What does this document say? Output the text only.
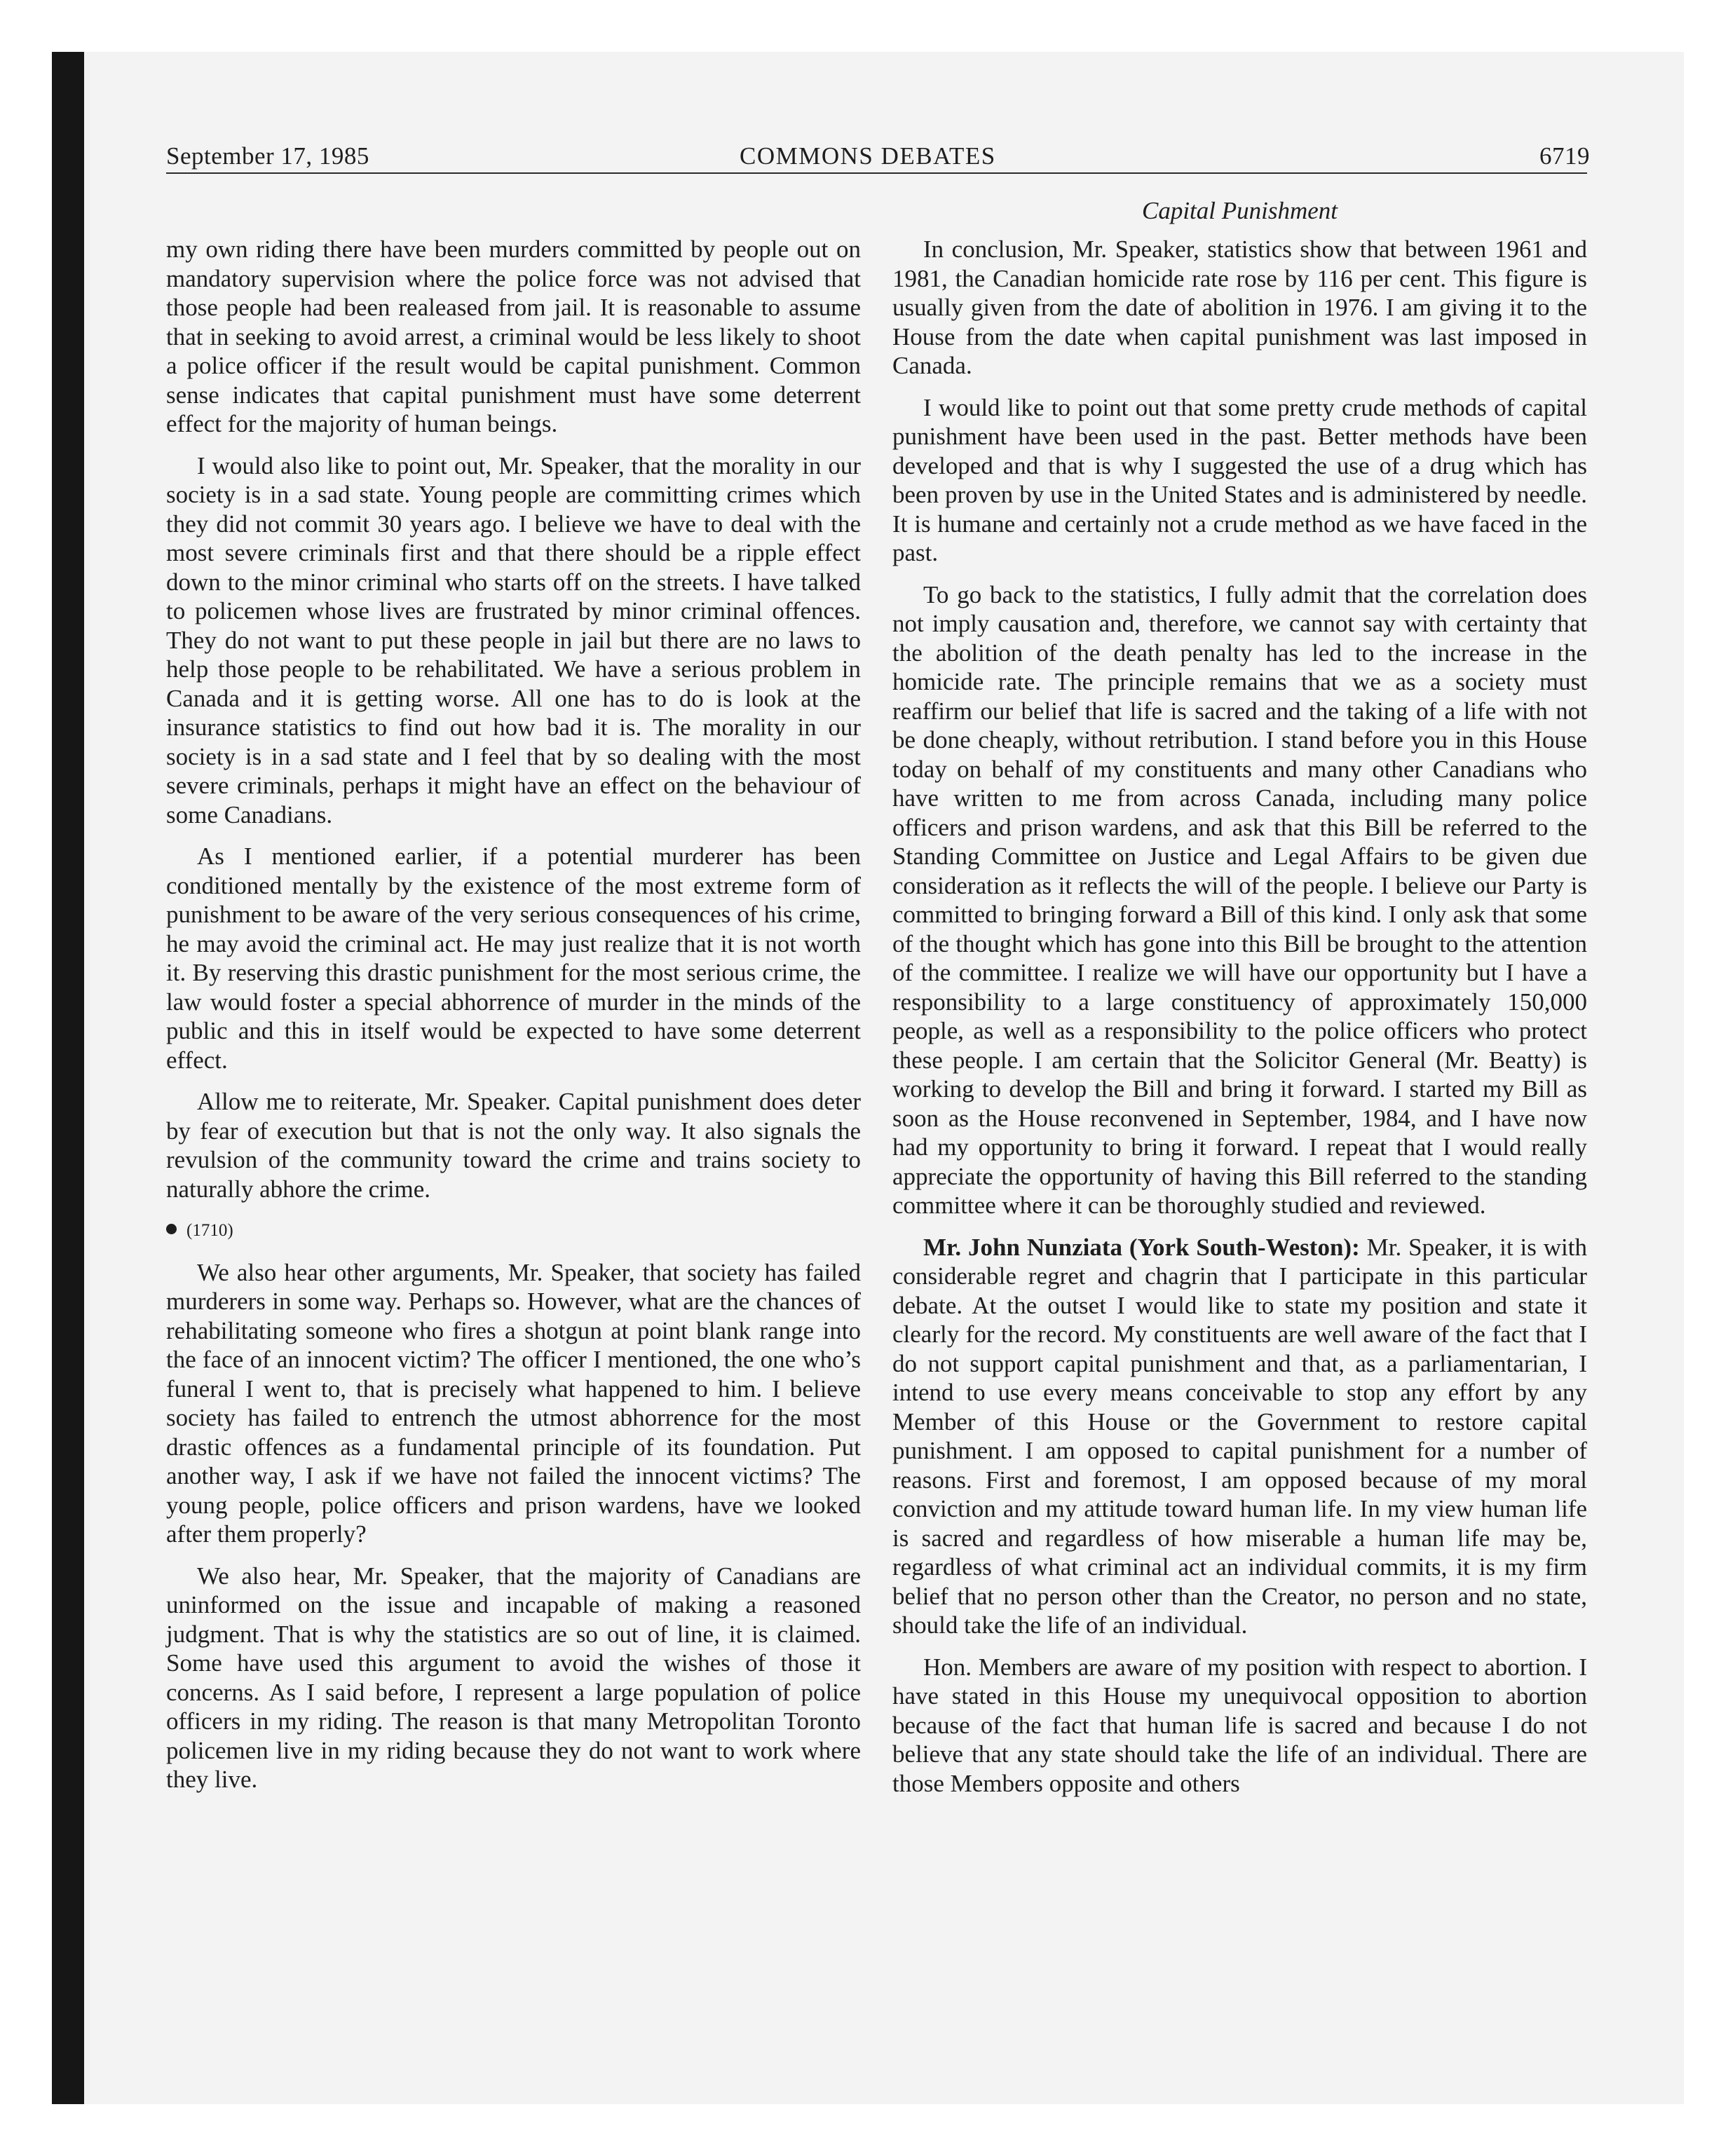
September 17, 1985	COMMONS DEBATES	6719
Capital Punishment

my own riding there have been murders committed by people out on mandatory supervision where the police force was not advised that those people had been realeased from jail. It is reasonable to assume that in seeking to avoid arrest, a criminal would be less likely to shoot a police officer if the result would be capital punishment. Common sense indicates that capital punishment must have some deterrent effect for the majority of human beings.

I would also like to point out, Mr. Speaker, that the morality in our society is in a sad state. Young people are committing crimes which they did not commit 30 years ago. I believe we have to deal with the most severe criminals first and that there should be a ripple effect down to the minor criminal who starts off on the streets. I have talked to policemen whose lives are frustrated by minor criminal offences. They do not want to put these people in jail but there are no laws to help those people to be rehabilitated. We have a serious problem in Canada and it is getting worse. All one has to do is look at the insurance statistics to find out how bad it is. The morality in our society is in a sad state and I feel that by so dealing with the most severe criminals, perhaps it might have an effect on the behaviour of some Canadians.

As I mentioned earlier, if a potential murderer has been conditioned mentally by the existence of the most extreme form of punishment to be aware of the very serious consequences of his crime, he may avoid the criminal act. He may just realize that it is not worth it. By reserving this drastic punishment for the most serious crime, the law would foster a special abhorrence of murder in the minds of the public and this in itself would be expected to have some deterrent effect.

Allow me to reiterate, Mr. Speaker. Capital punishment does deter by fear of execution but that is not the only way. It also signals the revulsion of the community toward the crime and trains society to naturally abhore the crime.

(1710)

We also hear other arguments, Mr. Speaker, that society has failed murderers in some way. Perhaps so. However, what are the chances of rehabilitating someone who fires a shotgun at point blank range into the face of an innocent victim? The officer I mentioned, the one who’s funeral I went to, that is precisely what happened to him. I believe society has failed to entrench the utmost abhorrence for the most drastic offences as a fundamental principle of its foundation. Put another way, I ask if we have not failed the innocent victims? The young people, police officers and prison wardens, have we looked after them properly?

We also hear, Mr. Speaker, that the majority of Canadians are uninformed on the issue and incapable of making a reasoned judgment. That is why the statistics are so out of line, it is claimed. Some have used this argument to avoid the wishes of those it concerns. As I said before, I represent a large population of police officers in my riding. The reason is that many Metropolitan Toronto policemen live in my riding because they do not want to work where they live.

In conclusion, Mr. Speaker, statistics show that between 1961 and 1981, the Canadian homicide rate rose by 116 per cent. This figure is usually given from the date of abolition in 1976. I am giving it to the House from the date when capital punishment was last imposed in Canada.

I would like to point out that some pretty crude methods of capital punishment have been used in the past. Better methods have been developed and that is why I suggested the use of a drug which has been proven by use in the United States and is administered by needle. It is humane and certainly not a crude method as we have faced in the past.

To go back to the statistics, I fully admit that the correlation does not imply causation and, therefore, we cannot say with certainty that the abolition of the death penalty has led to the increase in the homicide rate. The principle remains that we as a society must reaffirm our belief that life is sacred and the taking of a life with not be done cheaply, without retribution. I stand before you in this House today on behalf of my constituents and many other Canadians who have written to me from across Canada, including many police officers and prison wardens, and ask that this Bill be referred to the Standing Committee on Justice and Legal Affairs to be given due consideration as it reflects the will of the people. I believe our Party is committed to bringing forward a Bill of this kind. I only ask that some of the thought which has gone into this Bill be brought to the attention of the committee. I realize we will have our opportunity but I have a responsibility to a large constituency of approximately 150,000 people, as well as a responsibility to the police officers who protect these people. I am certain that the Solicitor General (Mr. Beatty) is working to develop the Bill and bring it forward. I started my Bill as soon as the House reconvened in September, 1984, and I have now had my opportunity to bring it forward. I repeat that I would really appreciate the opportunity of having this Bill referred to the standing committee where it can be thoroughly studied and reviewed.

Mr. John Nunziata (York South-Weston): Mr. Speaker, it is with considerable regret and chagrin that I participate in this particular debate. At the outset I would like to state my position and state it clearly for the record. My constituents are well aware of the fact that I do not support capital punishment and that, as a parliamentarian, I intend to use every means conceivable to stop any effort by any Member of this House or the Government to restore capital punishment. I am opposed to capital punishment for a number of reasons. First and foremost, I am opposed because of my moral conviction and my attitude toward human life. In my view human life is sacred and regardless of how miserable a human life may be, regardless of what criminal act an individual commits, it is my firm belief that no person other than the Creator, no person and no state, should take the life of an individual.

Hon. Members are aware of my position with respect to abortion. I have stated in this House my unequivocal opposition to abortion because of the fact that human life is sacred and because I do not believe that any state should take the life of an individual. There are those Members opposite and others
